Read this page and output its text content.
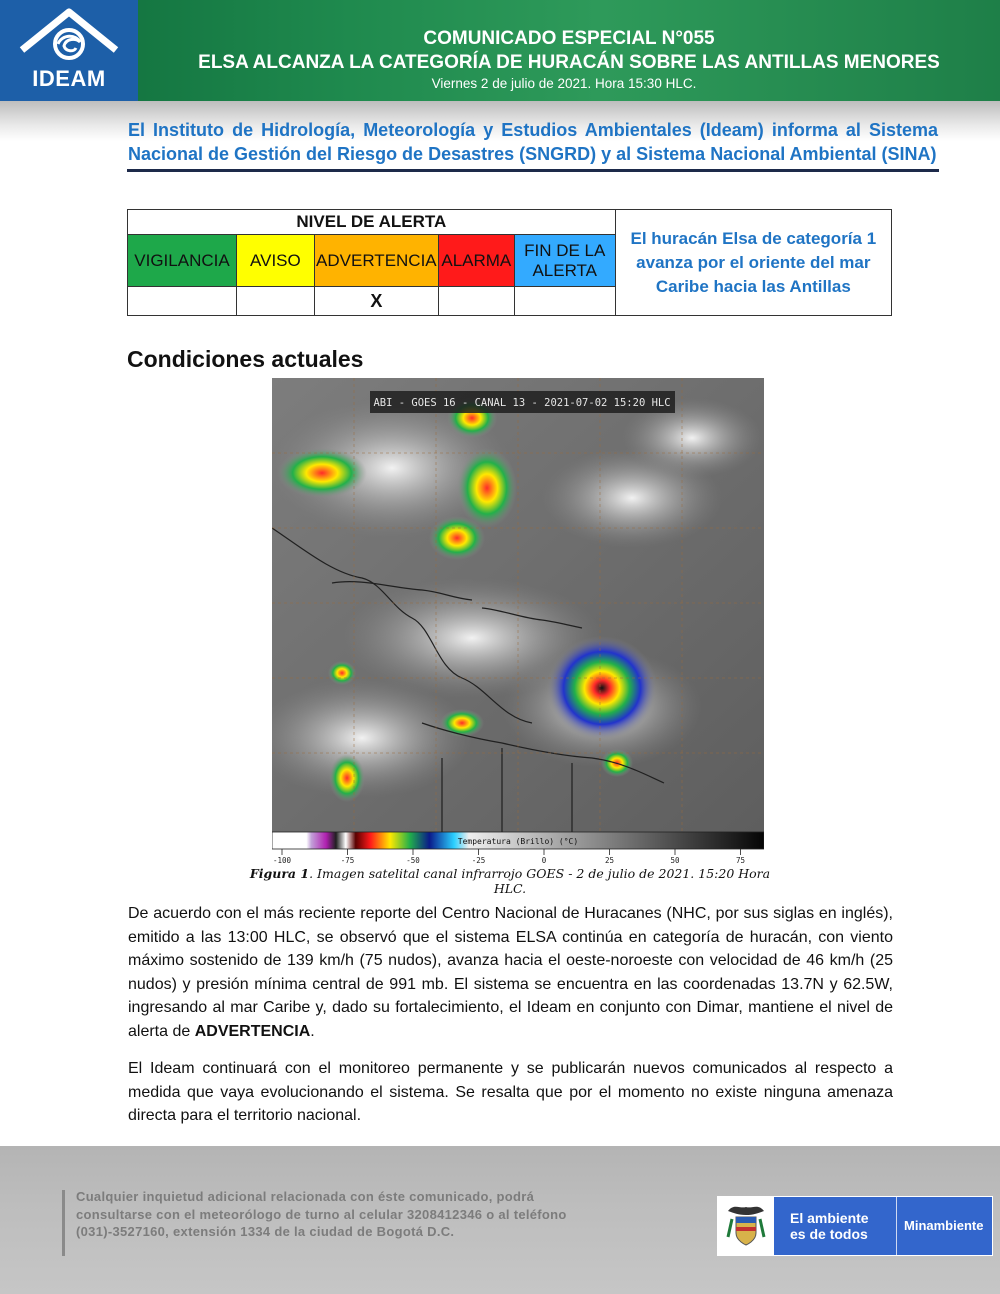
IDEAM
COMUNICADO ESPECIAL N°055
ELSA ALCANZA LA CATEGORÍA DE HURACÁN SOBRE LAS ANTILLAS MENORES
Viernes 2 de julio de 2021. Hora 15:30 HLC.
El Instituto de Hidrología, Meteorología y Estudios Ambientales (Ideam) informa al Sistema Nacional de Gestión del Riesgo de Desastres (SNGRD) y al Sistema Nacional Ambiental (SINA)
NIVEL DE ALERTA					El huracán Elsa de categoría 1 avanza por el oriente del mar Caribe hacia las Antillas
VIGILANCIA	AVISO	ADVERTENCIA	ALARMA	FIN DE LA ALERTA	
		X			
Condiciones actuales
ABI - GOES 16 - CANAL 13 - 2021-07-02 15:20 HLC
Temperatura (Brillo) (°C)
-100	-75	-50	-25	0	25	50	75
Figura 1. Imagen satelital canal infrarrojo GOES - 2 de julio de 2021. 15:20 Hora HLC.
De acuerdo con el más reciente reporte del Centro Nacional de Huracanes (NHC, por sus siglas en inglés), emitido a las 13:00 HLC, se observó que el sistema ELSA continúa en categoría de huracán, con viento máximo sostenido de 139 km/h (75 nudos), avanza hacia el oeste-noroeste con velocidad de 46 km/h (25 nudos) y presión mínima central de 991 mb. El sistema se encuentra en las coordenadas 13.7N y 62.5W, ingresando al mar Caribe y, dado su fortalecimiento, el Ideam en conjunto con Dimar, mantiene el nivel de alerta de ADVERTENCIA.
El Ideam continuará con el monitoreo permanente y se publicarán nuevos comunicados al respecto a medida que vaya evolucionando el sistema. Se resalta que por el momento no existe ninguna amenaza directa para el territorio nacional.
Cualquier inquietud adicional relacionada con éste comunicado, podrá consultarse con el meteorólogo de turno al celular 3208412346 o al teléfono (031)-3527160, extensión 1334 de la ciudad de Bogotá D.C.
El ambiente
es de todos
Minambiente
